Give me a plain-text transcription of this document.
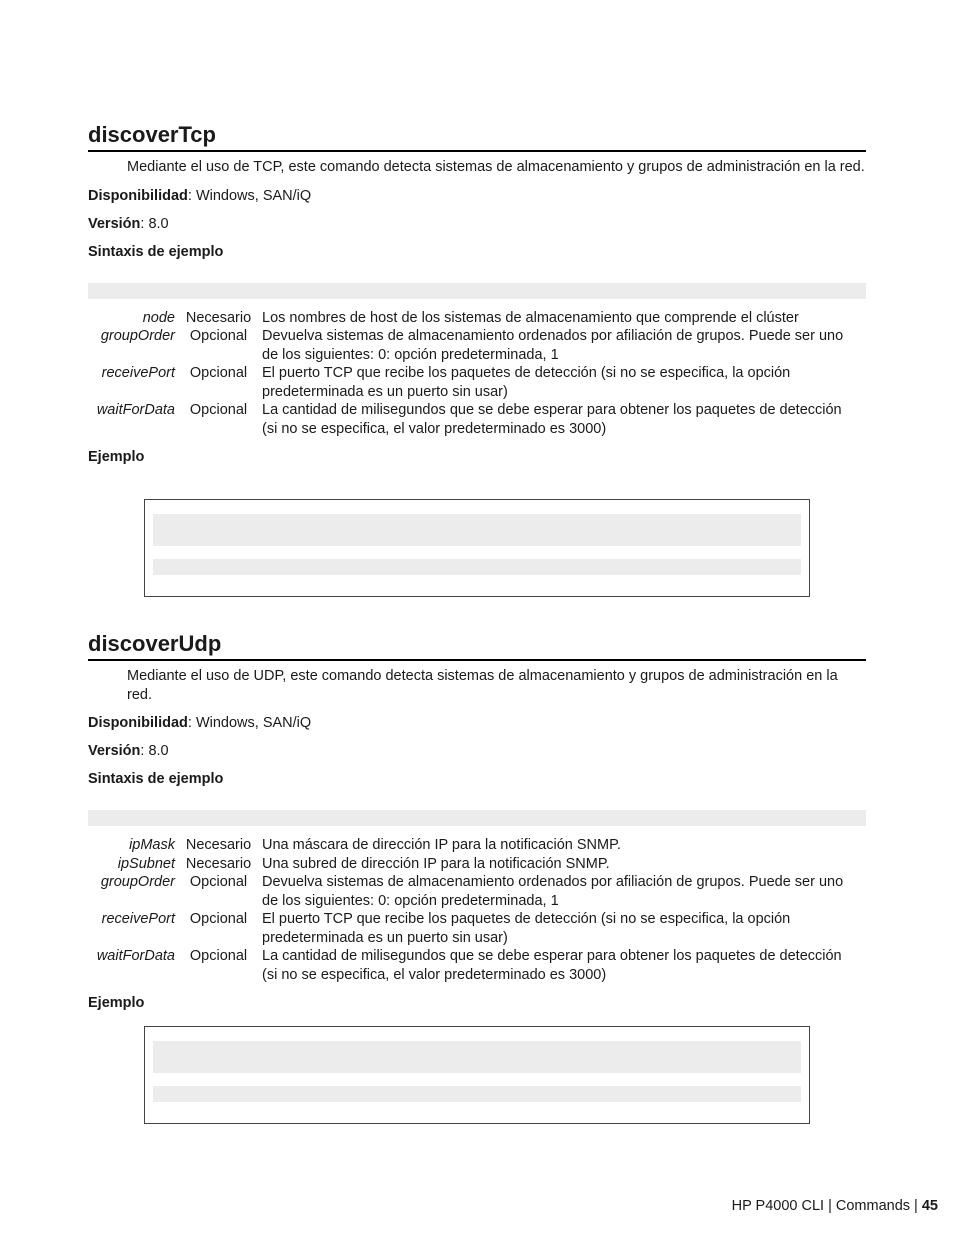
discoverTcp
Mediante el uso de TCP, este comando detecta sistemas de almacenamiento y grupos de administración en la red.
Disponibilidad: Windows, SAN/iQ
Versión: 8.0
Sintaxis de ejemplo
node	Necesario	Los nombres de host de los sistemas de almacenamiento que comprende el clúster
groupOrder	Opcional	Devuelva sistemas de almacenamiento ordenados por afiliación de grupos. Puede ser uno de los siguientes: 0: opción predeterminada, 1
receivePort	Opcional	El puerto TCP que recibe los paquetes de detección (si no se especifica, la opción predeterminada es un puerto sin usar)
waitForData	Opcional	La cantidad de milisegundos que se debe esperar para obtener los paquetes de detección (si no se especifica, el valor predeterminado es 3000)
Ejemplo
discoverUdp
Mediante el uso de UDP, este comando detecta sistemas de almacenamiento y grupos de administración en la red.
Disponibilidad: Windows, SAN/iQ
Versión: 8.0
Sintaxis de ejemplo
ipMask	Necesario	Una máscara de dirección IP para la notificación SNMP.
ipSubnet	Necesario	Una subred de dirección IP para la notificación SNMP.
groupOrder	Opcional	Devuelva sistemas de almacenamiento ordenados por afiliación de grupos. Puede ser uno de los siguientes: 0: opción predeterminada, 1
receivePort	Opcional	El puerto TCP que recibe los paquetes de detección (si no se especifica, la opción predeterminada es un puerto sin usar)
waitForData	Opcional	La cantidad de milisegundos que se debe esperar para obtener los paquetes de detección (si no se especifica, el valor predeterminado es 3000)
Ejemplo
HP P4000 CLI | Commands | 45
